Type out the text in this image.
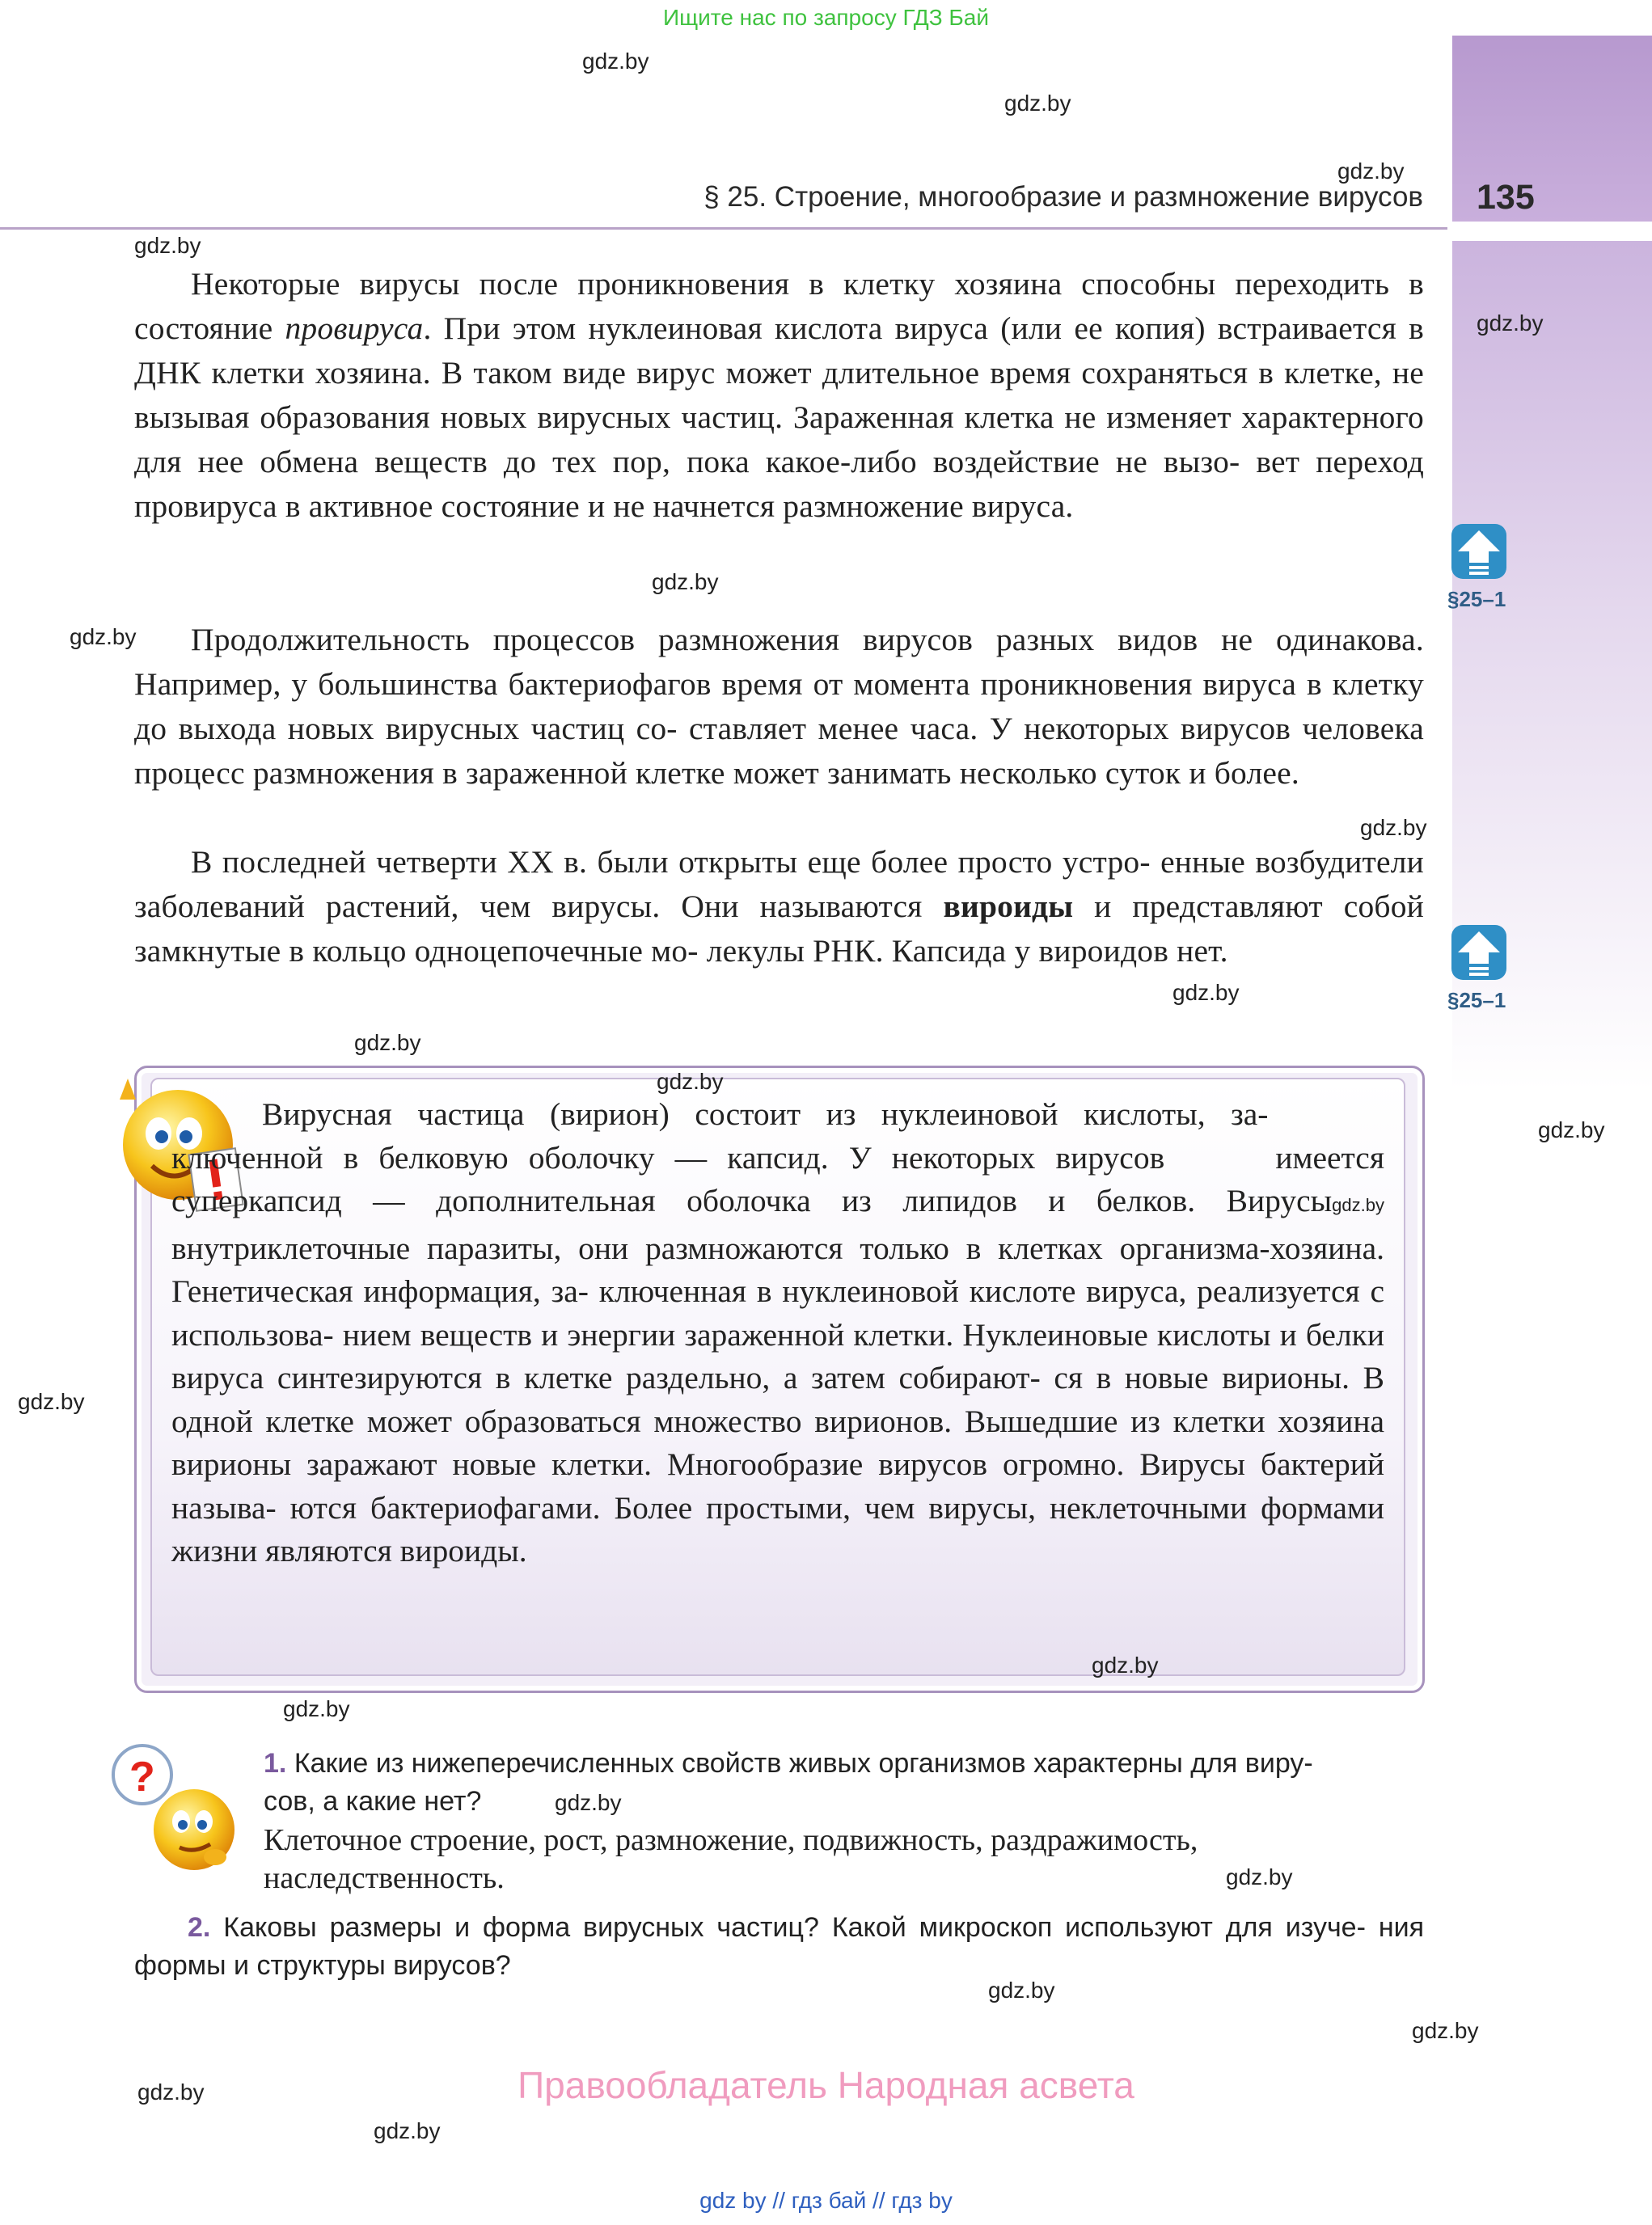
Ищите нас по запросу ГДЗ Бай
135
§ 25. Строение, многообразие и размножение вирусов
Некоторые вирусы после проникновения в клетку хозяина способны переходить в состояние провируса. При этом нуклеиновая кислота вируса (или ее копия) встраивается в ДНК клетки хозяина. В таком виде вирус может длительное время сохраняться в клетке, не вызывая образования новых вирусных частиц. Зараженная клетка не изменяет характерного для нее обмена веществ до тех пор, пока какое-либо воздействие не вызо- вет переход провируса в активное состояние и не начнется размножение вируса.
Продолжительность процессов размножения вирусов разных видов не одинакова. Например, у большинства бактериофагов время от момента проникновения вируса в клетку до выхода новых вирусных частиц со- ставляет менее часа. У некоторых вирусов человека процесс размножения в зараженной клетке может занимать несколько суток и более.
В последней четверти XX в. были открыты еще более просто устро- енные возбудители заболеваний растений, чем вирусы. Они называются вироиды и представляют собой замкнутые в кольцо одноцепочечные мо- лекулы РНК. Капсида у вироидов нет.
§25–1
§25–1
Вирусная частица (вирион) состоит из нуклеиновой кислоты, за- ключенной в белковую оболочку — капсид. У некоторых вирусов	имеется суперкапсид — дополнительная оболочка из липидов и белков. Вирусыgdz.by внутриклеточные паразиты, они размножаются только в клетках организма-хозяина. Генетическая информация, за- ключенная в нуклеиновой кислоте вируса, реализуется с использова- нием веществ и энергии зараженной клетки. Нуклеиновые кислоты и белки вируса синтезируются в клетке раздельно, а затем собирают- ся в новые вирионы. В одной клетке может образоваться множество вирионов. Вышедшие из клетки хозяина вирионы заражают новые клетки. Многообразие вирусов огромно. Вирусы бактерий называ- ются бактериофагами. Более простыми, чем вирусы, неклеточными формами жизни являются вироиды.
?	1. Какие из нижеперечисленных свойств живых организмов характерны для виру-
сов, а какие нет?
Клеточное строение, рост, размножение, подвижность, раздражимость,
наследственность.
2. Каковы размеры и форма вирусных частиц? Какой микроскоп используют для изуче- ния формы и структуры вирусов?
gdz.by
gdz.by
gdz.by
gdz.by
gdz.by
gdz.by
gdz.by
gdz.by
gdz.by
gdz.by
gdz.by
gdz.by
gdz.by
gdz.by
gdz.by
gdz.by
gdz.by
gdz.by
gdz.by
gdz.by
gdz.by
Правообладатель Народная асвета
gdz by // гдз бай // гдз by
